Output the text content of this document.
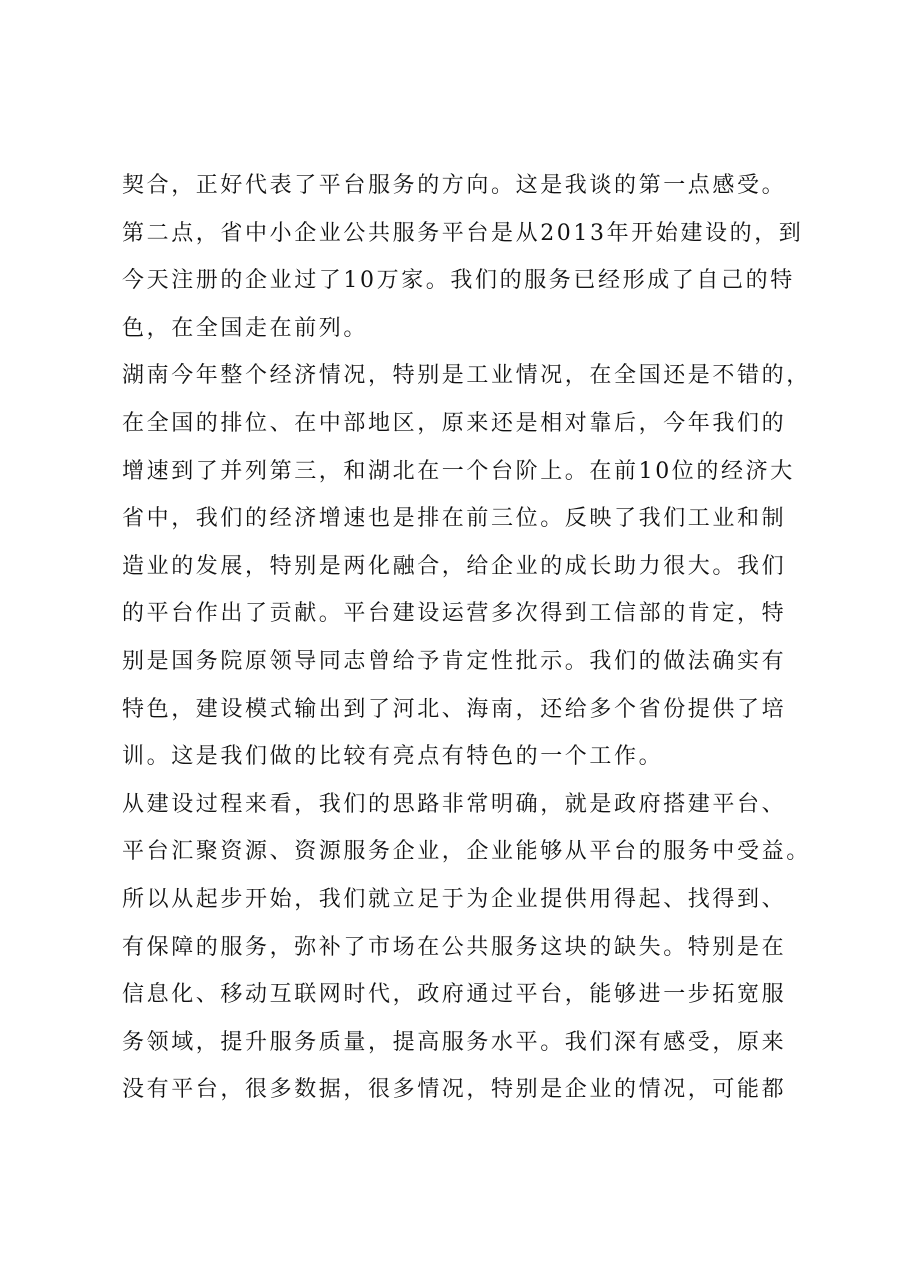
契合，正好代表了平台服务的方向。这是我谈的第一点感受。
第二点，省中小企业公共服务平台是从2013年开始建设的，到
今天注册的企业过了10万家。我们的服务已经形成了自己的特
色，在全国走在前列。
湖南今年整个经济情况，特别是工业情况，在全国还是不错的，
在全国的排位、在中部地区，原来还是相对靠后，今年我们的
增速到了并列第三，和湖北在一个台阶上。在前10位的经济大
省中，我们的经济增速也是排在前三位。反映了我们工业和制
造业的发展，特别是两化融合，给企业的成长助力很大。我们
的平台作出了贡献。平台建设运营多次得到工信部的肯定，特
别是国务院原领导同志曾给予肯定性批示。我们的做法确实有
特色，建设模式输出到了河北、海南，还给多个省份提供了培
训。这是我们做的比较有亮点有特色的一个工作。
从建设过程来看，我们的思路非常明确，就是政府搭建平台、
平台汇聚资源、资源服务企业，企业能够从平台的服务中受益。
所以从起步开始，我们就立足于为企业提供用得起、找得到、
有保障的服务，弥补了市场在公共服务这块的缺失。特别是在
信息化、移动互联网时代，政府通过平台，能够进一步拓宽服
务领域，提升服务质量，提高服务水平。我们深有感受，原来
没有平台，很多数据，很多情况，特别是企业的情况，可能都
